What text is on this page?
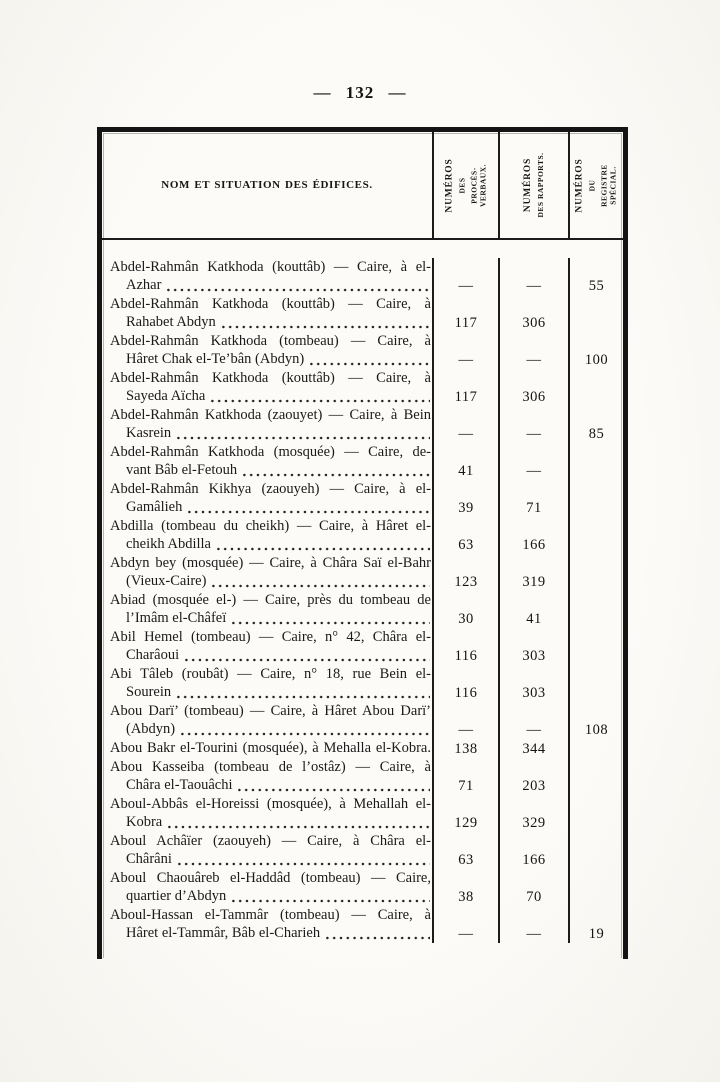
— 132 —
NOM ET SITUATION DES ÉDIFICES.	NUMÉROS DES PROCÈS-VERBAUX.	NUMÉROS DES RAPPORTS.	NUMÉROS DU REGISTRE SPÉCIAL.
Abdel-Rahmân Katkhoda (kouttâb) — Caire, à el-
Azhar	—	—	55
Abdel-Rahmân Katkhoda (kouttâb) — Caire, à
Rahabet Abdyn	117	306
Abdel-Rahmân Katkhoda (tombeau) — Caire, à
Hâret Chak el-Te’bân (Abdyn)	—	—	100
Abdel-Rahmân Katkhoda (kouttâb) — Caire, à
Sayeda Aïcha	117	306
Abdel-Rahmân Katkhoda (zaouyet) — Caire, à Bein
Kasrein	—	—	85
Abdel-Rahmân Katkhoda (mosquée) — Caire, de-
vant Bâb el-Fetouh	41	—
Abdel-Rahmân Kikhya (zaouyeh) — Caire, à el-
Gamâlieh	39	71
Abdilla (tombeau du cheikh) — Caire, à Hâret el-
cheikh Abdilla	63	166
Abdyn bey (mosquée) — Caire, à Châra Saï el-Bahr
(Vieux-Caire)	123	319
Abiad (mosquée el-) — Caire, près du tombeau de
l’Imâm el-Châfeï	30	41
Abil Hemel (tombeau) — Caire, n° 42, Châra el-
Charâoui	116	303
Abi Tâleb (roubât) — Caire, n° 18, rue Bein el-
Sourein	116	303
Abou Darï’ (tombeau) — Caire, à Hâret Abou Darï’
(Abdyn)	—	—	108
Abou Bakr el-Tourini (mosquée), à Mehalla el-Kobra.	138	344
Abou Kasseiba (tombeau de l’ostâz) — Caire, à
Châra el-Taouâchi	71	203
Aboul-Abbâs el-Horeissi (mosquée), à Mehallah el-
Kobra	129	329
Aboul Achâïer (zaouyeh) — Caire, à Châra el-
Chârâni	63	166
Aboul Chaouâreb el-Haddâd (tombeau) — Caire,
quartier d’Abdyn	38	70
Aboul-Hassan el-Tammâr (tombeau) — Caire, à
Hâret el-Tammâr, Bâb el-Charieh	—	—	19
